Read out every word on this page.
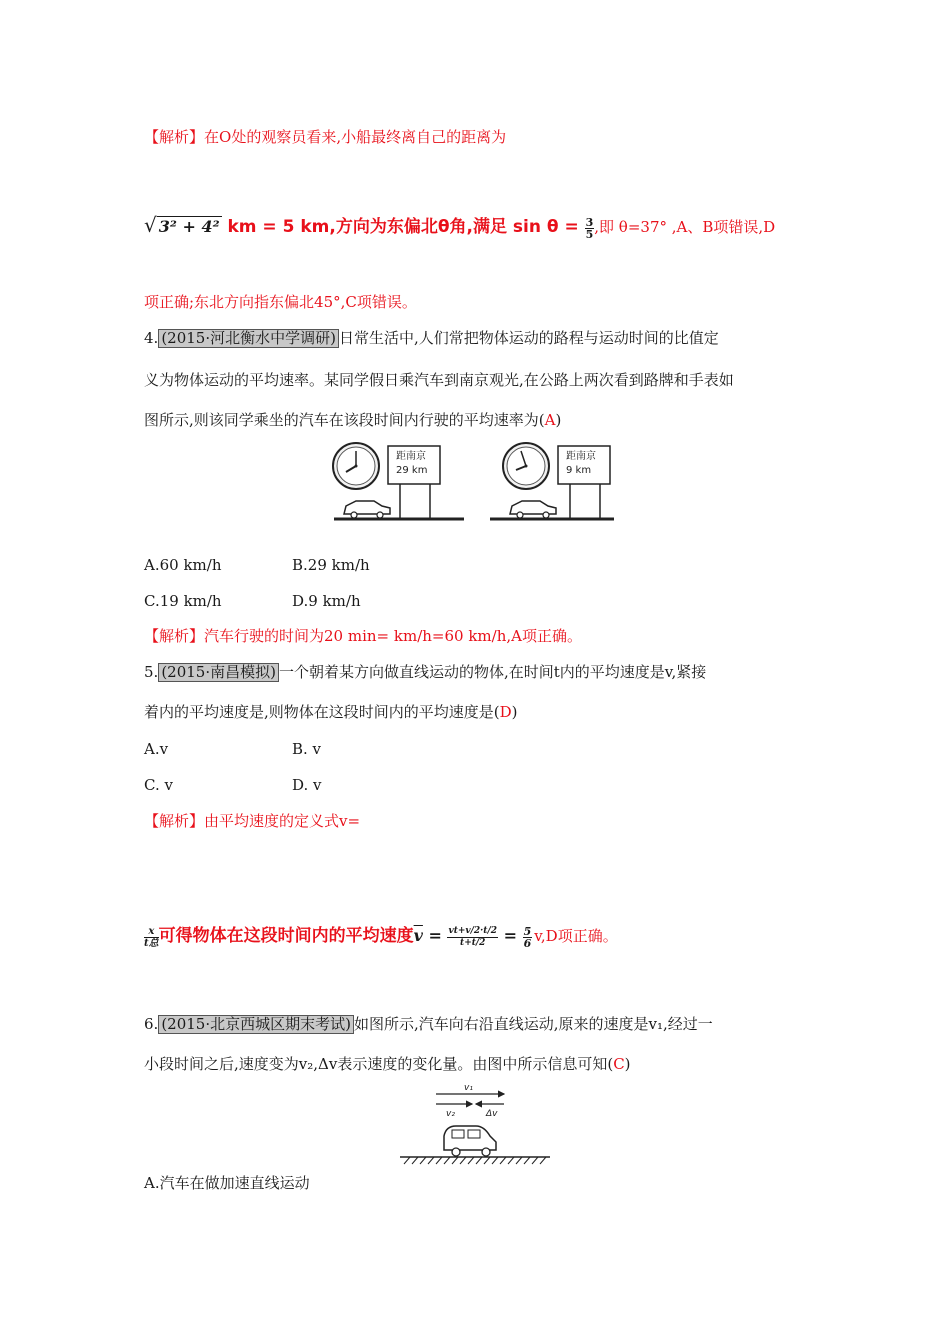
【解析】在O处的观察员看来,小船最终离自己的距离为
√ 3² + 4² km = 5 km,方向为东偏北θ角,满足 $\sin \theta = \frac{3}{5}$ ,即 θ=37° ,A、B项错误,D
项正确;东北方向指东偏北45°,C项错误。
4. (2015·河北衡水中学调研) 日常生活中,人们常把物体运动的路程与运动时间的比值定
义为物体运动的平均速率。某同学假日乘汽车到南京观光,在公路上两次看到路牌和手表如
图所示,则该同学乘坐的汽车在该段时间内行驶的平均速率为(A)
距南京
29 km
距南京
9 km
A.60 km/h	B.29 km/h
C.19 km/h	D.9 km/h
【解析】汽车行驶的时间为20 min= km/h=60 km/h,A项正确。
5. (2015·南昌模拟) 一个朝着某方向做直线运动的物体,在时间t内的平均速度是v,紧接
着内的平均速度是,则物体在这段时间内的平均速度是(D)
A.v	B. v
C. v	D. v
【解析】由平均速度的定义式v=
x
t总 可得物体在这段时间内的平均速度$\overline{v} = \frac{vt+v/2\cdot t/2}{t+t/2} = \frac{5}{6} v,D$项正确。
6. (2015·北京西城区期末考试) 如图所示,汽车向右沿直线运动,原来的速度是v₁,经过一
小段时间之后,速度变为v₂,Δv表示速度的变化量。由图中所示信息可知(C)
v₁
v₂	Δv
A.汽车在做加速直线运动
